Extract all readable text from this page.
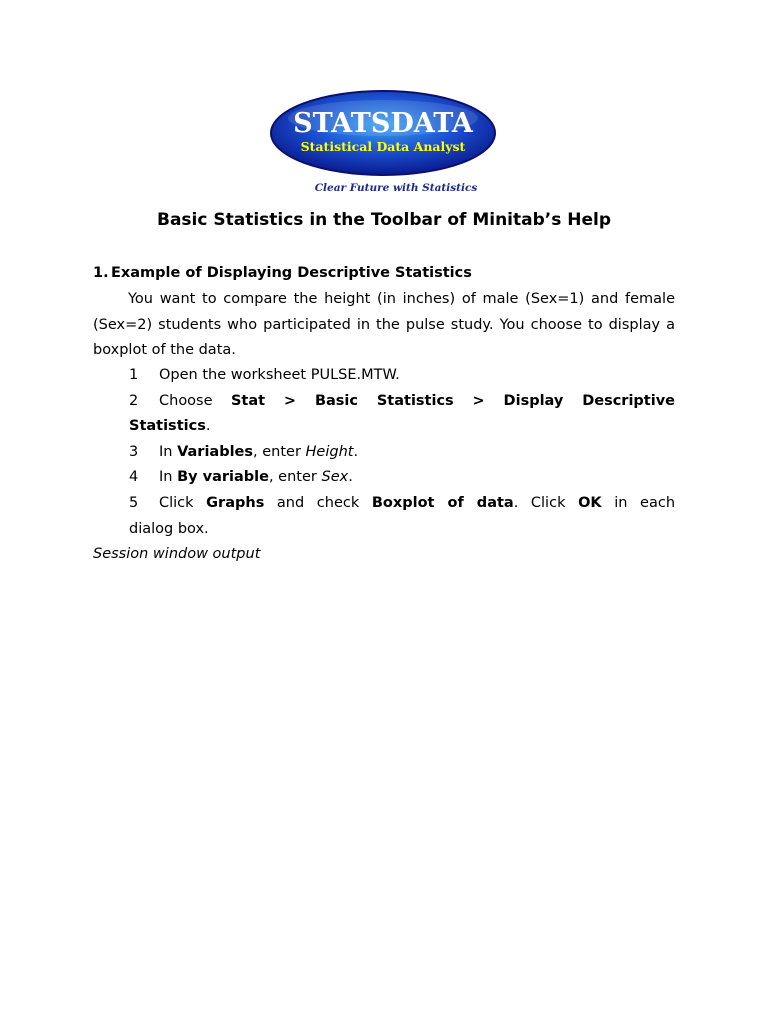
STATSDATA
Statistical Data Analyst
Clear Future with Statistics
Basic Statistics in the Toolbar of Minitab’s Help
1. Example of Displaying Descriptive Statistics
You want to compare the height (in inches) of male (Sex=1) and female (Sex=2) students who participated in the pulse study. You choose to display a boxplot of the data.
1 Open the worksheet PULSE.MTW.
2 Choose Stat > Basic Statistics > Display Descriptive
Statistics.
3 In Variables, enter Height.
4 In By variable, enter Sex.
5 Click Graphs and check Boxplot of data. Click OK in each
dialog box.
Session window output
